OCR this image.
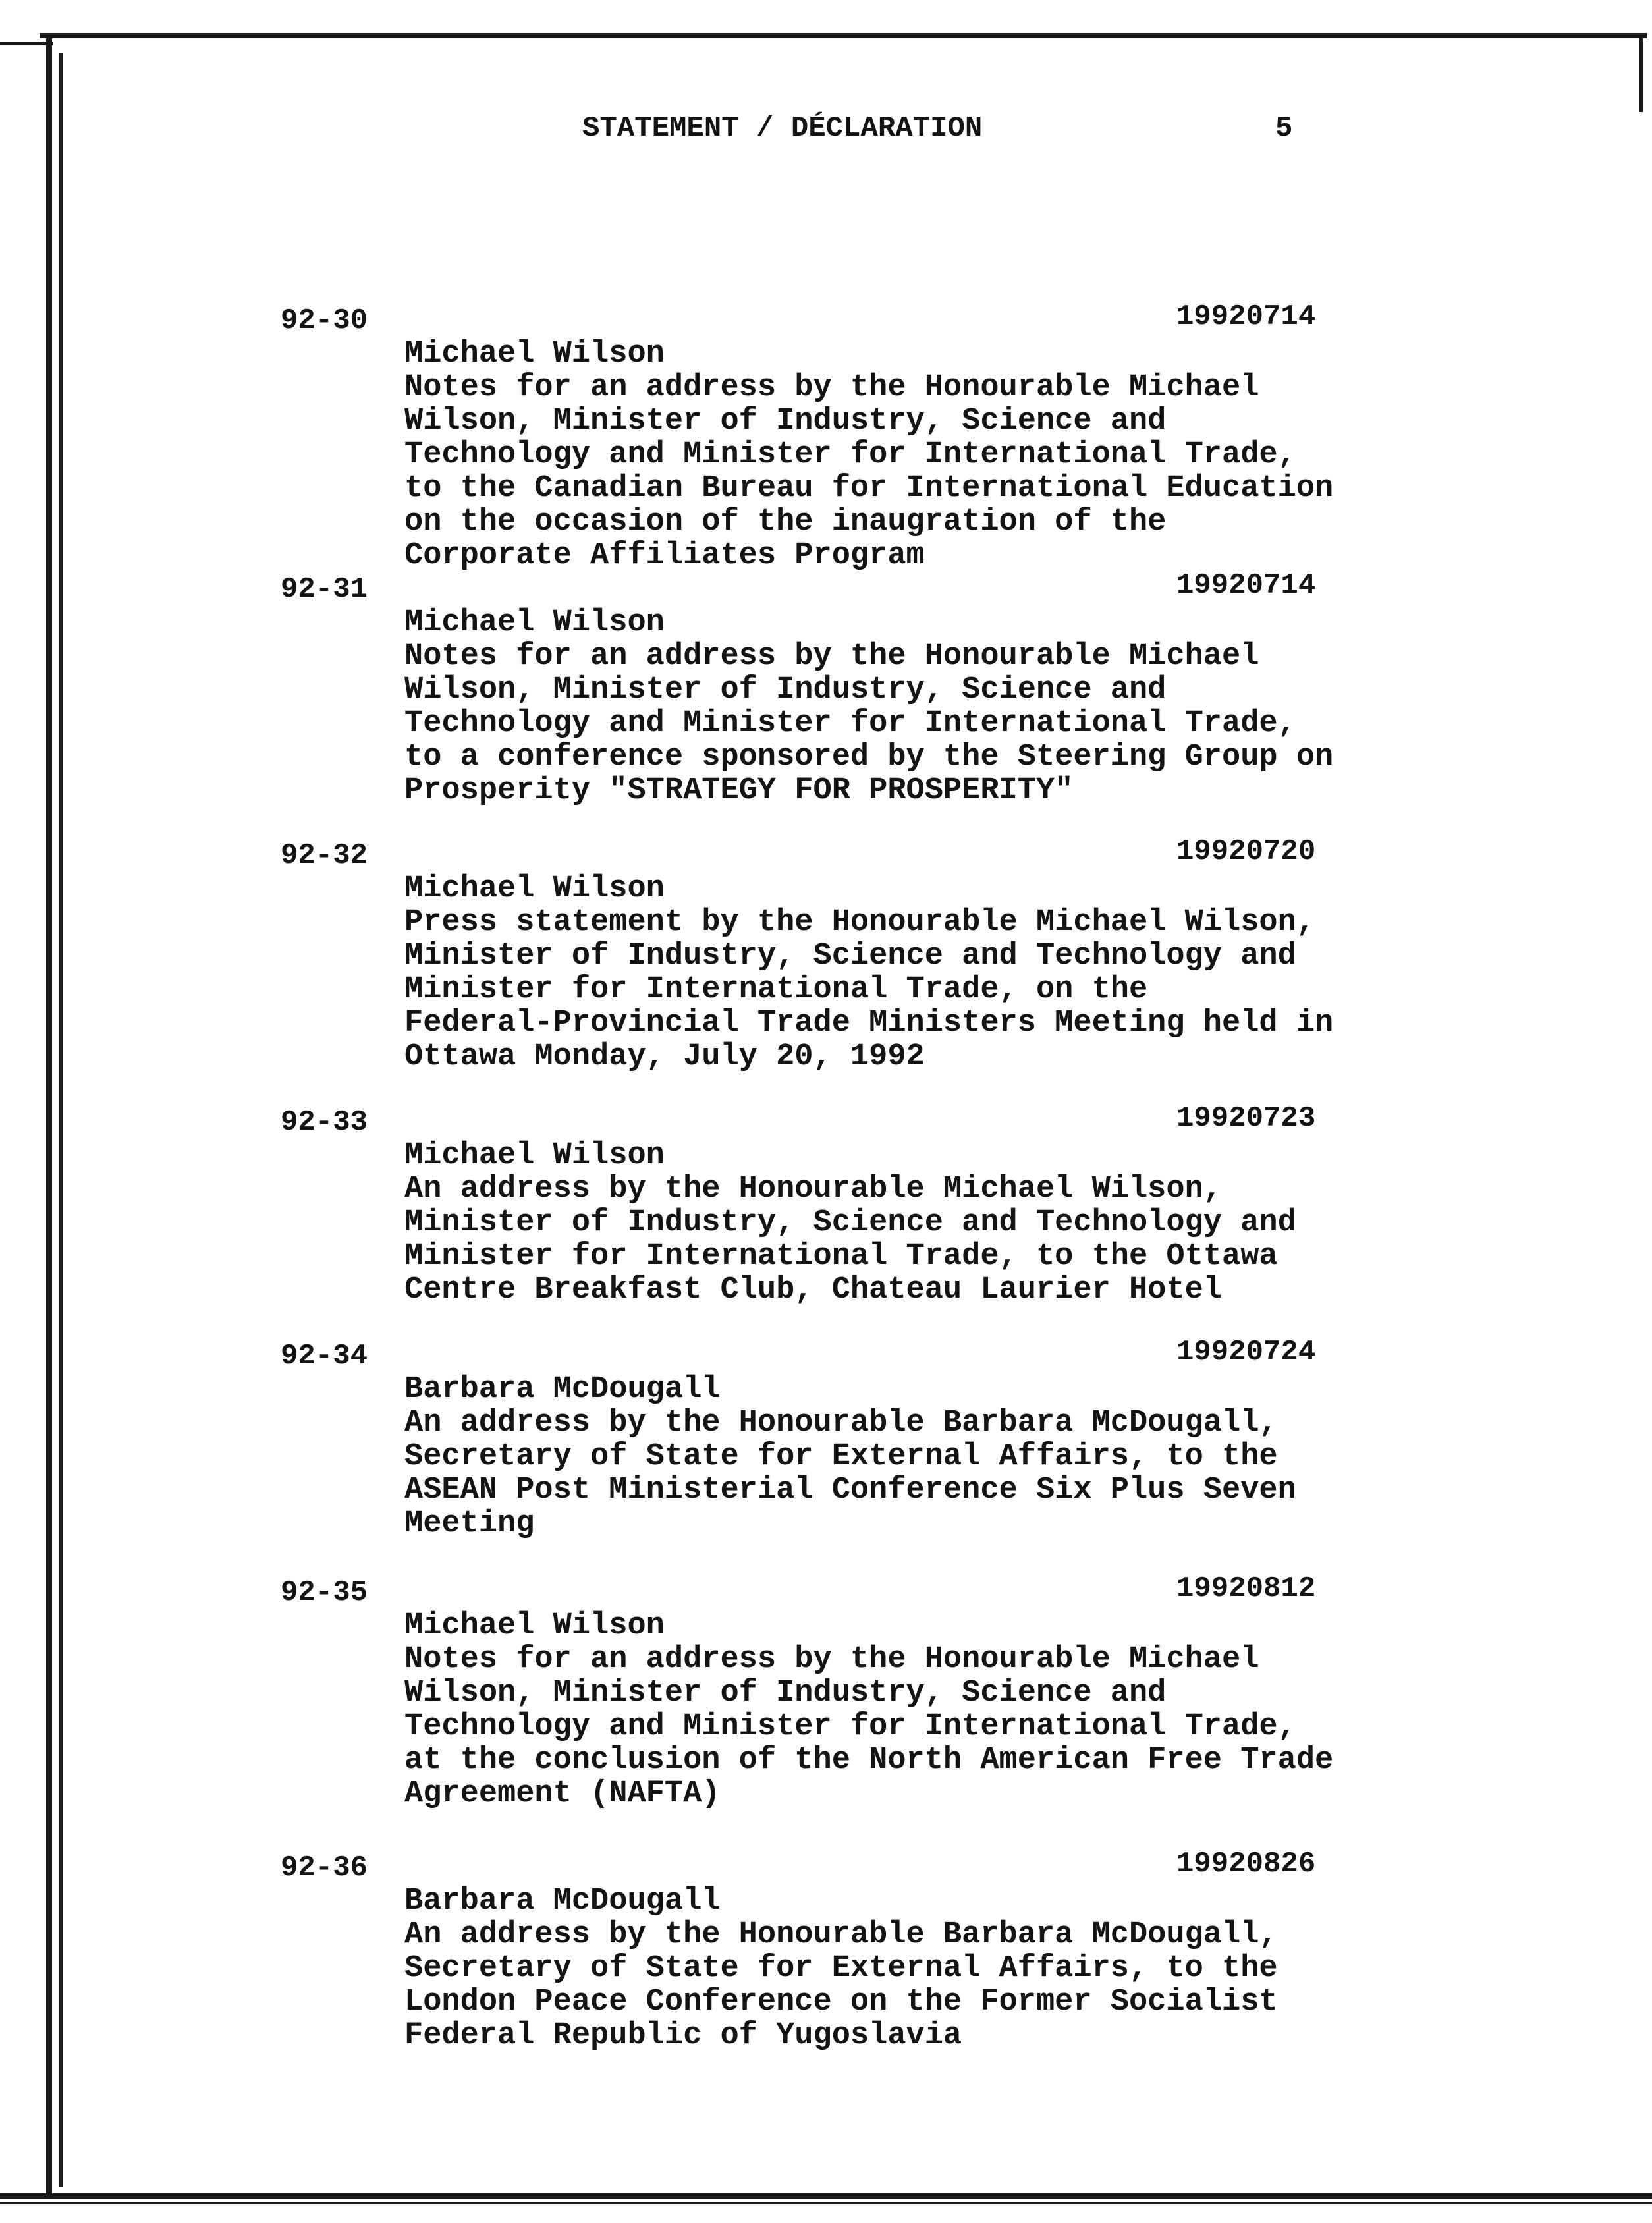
STATEMENT / DÉCLARATION	5
92-30	19920714
Michael Wilson
Notes for an address by the Honourable Michael
Wilson, Minister of Industry, Science and
Technology and Minister for International Trade,
to the Canadian Bureau for International Education
on the occasion of the inaugration of the
Corporate Affiliates Program
92-31	19920714
Michael Wilson
Notes for an address by the Honourable Michael
Wilson, Minister of Industry, Science and
Technology and Minister for International Trade,
to a conference sponsored by the Steering Group on
Prosperity "STRATEGY FOR PROSPERITY"
92-32	19920720
Michael Wilson
Press statement by the Honourable Michael Wilson,
Minister of Industry, Science and Technology and
Minister for International Trade, on the
Federal-Provincial Trade Ministers Meeting held in
Ottawa Monday, July 20, 1992
92-33	19920723
Michael Wilson
An address by the Honourable Michael Wilson,
Minister of Industry, Science and Technology and
Minister for International Trade, to the Ottawa
Centre Breakfast Club, Chateau Laurier Hotel
92-34	19920724
Barbara McDougall
An address by the Honourable Barbara McDougall,
Secretary of State for External Affairs, to the
ASEAN Post Ministerial Conference Six Plus Seven
Meeting
92-35	19920812
Michael Wilson
Notes for an address by the Honourable Michael
Wilson, Minister of Industry, Science and
Technology and Minister for International Trade,
at the conclusion of the North American Free Trade
Agreement (NAFTA)
92-36	19920826
Barbara McDougall
An address by the Honourable Barbara McDougall,
Secretary of State for External Affairs, to the
London Peace Conference on the Former Socialist
Federal Republic of Yugoslavia
